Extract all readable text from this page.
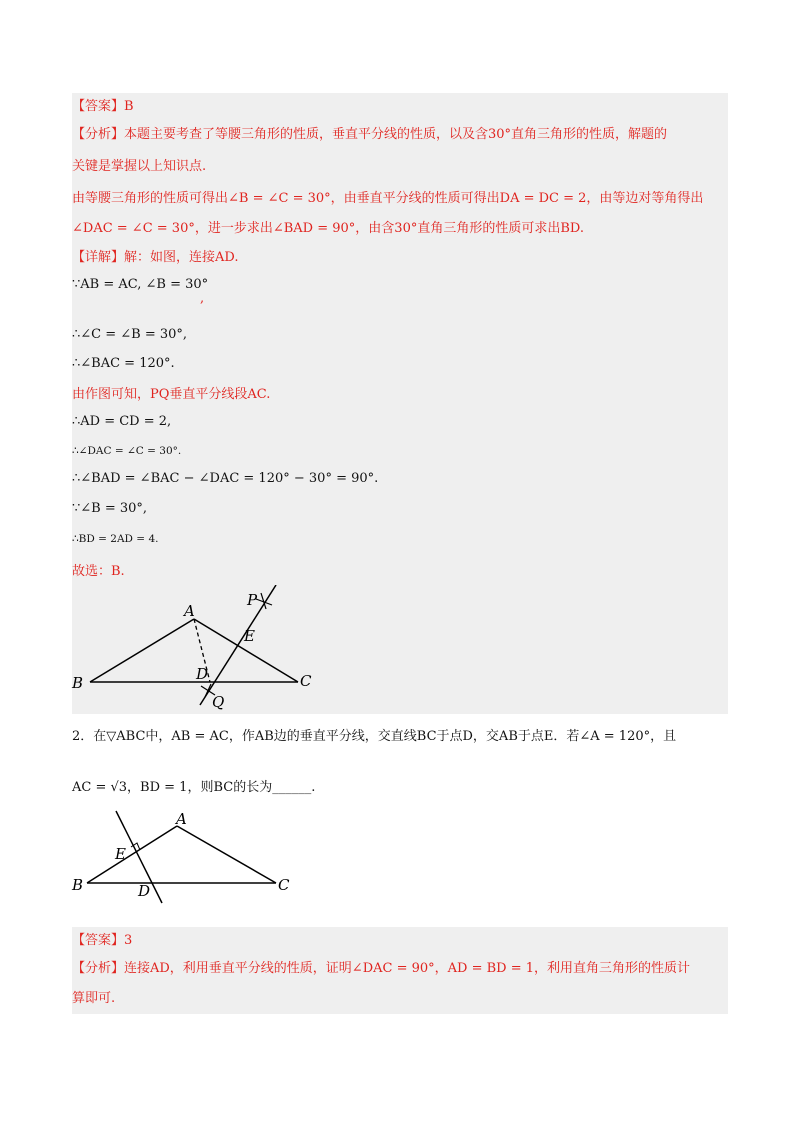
【答案】B
【分析】本题主要考查了等腰三角形的性质，垂直平分线的性质，以及含30°直角三角形的性质，解题的
关键是掌握以上知识点.
由等腰三角形的性质可得出∠B = ∠C = 30°，由垂直平分线的性质可得出DA = DC = 2，由等边对等角得出
∠DAC = ∠C = 30°，进一步求出∠BAD = 90°，由含30°直角三角形的性质可求出BD.
【详解】解：如图，连接AD.
∵AB = AC, ∠B = 30°
,
∴∠C = ∠B = 30°,
∴∠BAC = 120°.
由作图可知，PQ垂直平分线段AC.
∴AD = CD = 2,
∴∠DAC = ∠C = 30°.
∴∠BAD = ∠BAC − ∠DAC = 120° − 30° = 90°.
∵∠B = 30°,
∴BD = 2AD = 4.
故选：B.
A
B	C
D
E
P
Q
2．在▽ABC中，AB = AC，作AB边的垂直平分线，交直线BC于点D，交AB于点E．若∠A = 120°，且
AC = √3，BD = 1，则BC的长为______.
A
B	C
D
E
【答案】3
【分析】连接AD，利用垂直平分线的性质，证明∠DAC = 90°，AD = BD = 1，利用直角三角形的性质计
算即可.
